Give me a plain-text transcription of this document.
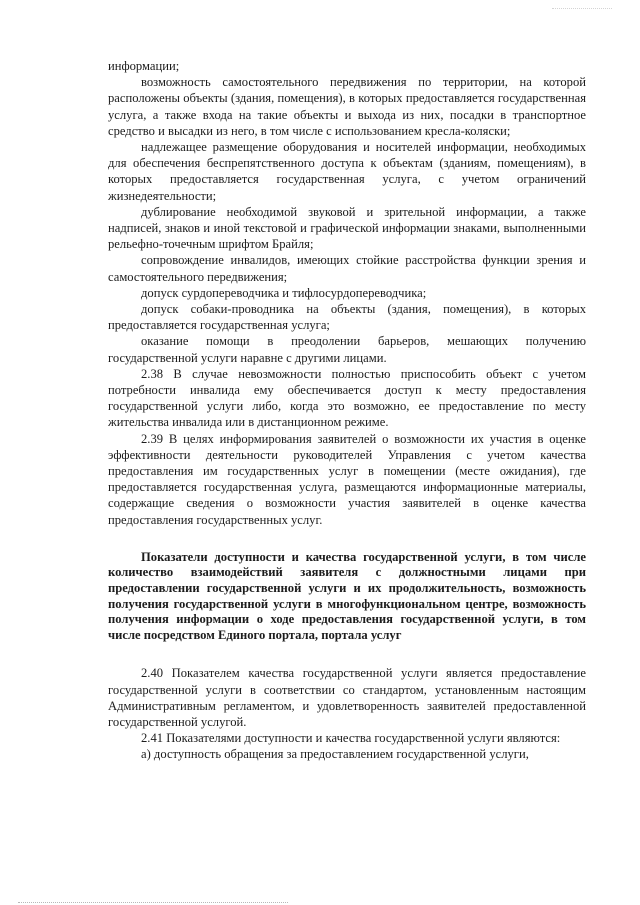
информации;

возможность самостоятельного передвижения по территории, на которой расположены объекты (здания, помещения), в которых предоставляется государственная услуга, а также входа на такие объекты и выхода из них, посадки в транспортное средство и высадки из него, в том числе с использованием кресла-коляски;

надлежащее размещение оборудования и носителей информации, необходимых для обеспечения беспрепятственного доступа к объектам (зданиям, помещениям), в которых предоставляется государственная услуга, с учетом ограничений жизнедеятельности;

дублирование необходимой звуковой и зрительной информации, а также надписей, знаков и иной текстовой и графической информации знаками, выполненными рельефно-точечным шрифтом Брайля;

сопровождение инвалидов, имеющих стойкие расстройства функции зрения и самостоятельного передвижения;

допуск сурдопереводчика и тифлосурдопереводчика;

допуск собаки-проводника на объекты (здания, помещения), в которых предоставляется государственная услуга;

оказание помощи в преодолении барьеров, мешающих получению государственной услуги наравне с другими лицами.

2.38 В случае невозможности полностью приспособить объект с учетом потребности инвалида ему обеспечивается доступ к месту предоставления государственной услуги либо, когда это возможно, ее предоставление по месту жительства инвалида или в дистанционном режиме.

2.39 В целях информирования заявителей о возможности их участия в оценке эффективности деятельности руководителей Управления с учетом качества предоставления им государственных услуг в помещении (месте ожидания), где предоставляется государственная услуга, размещаются информационные материалы, содержащие сведения о возможности участия заявителей в оценке качества предоставления государственных услуг.

Показатели доступности и качества государственной услуги, в том числе количество взаимодействий заявителя с должностными лицами при предоставлении государственной услуги и их продолжительность, возможность получения государственной услуги в многофункциональном центре, возможность получения информации о ходе предоставления государственной услуги, в том числе посредством Единого портала, портала услуг

2.40 Показателем качества государственной услуги является предоставление государственной услуги в соответствии со стандартом, установленным настоящим Административным регламентом, и удовлетворенность заявителей предоставленной государственной услугой.

2.41 Показателями доступности и качества государственной услуги являются:

а) доступность обращения за предоставлением государственной услуги,
